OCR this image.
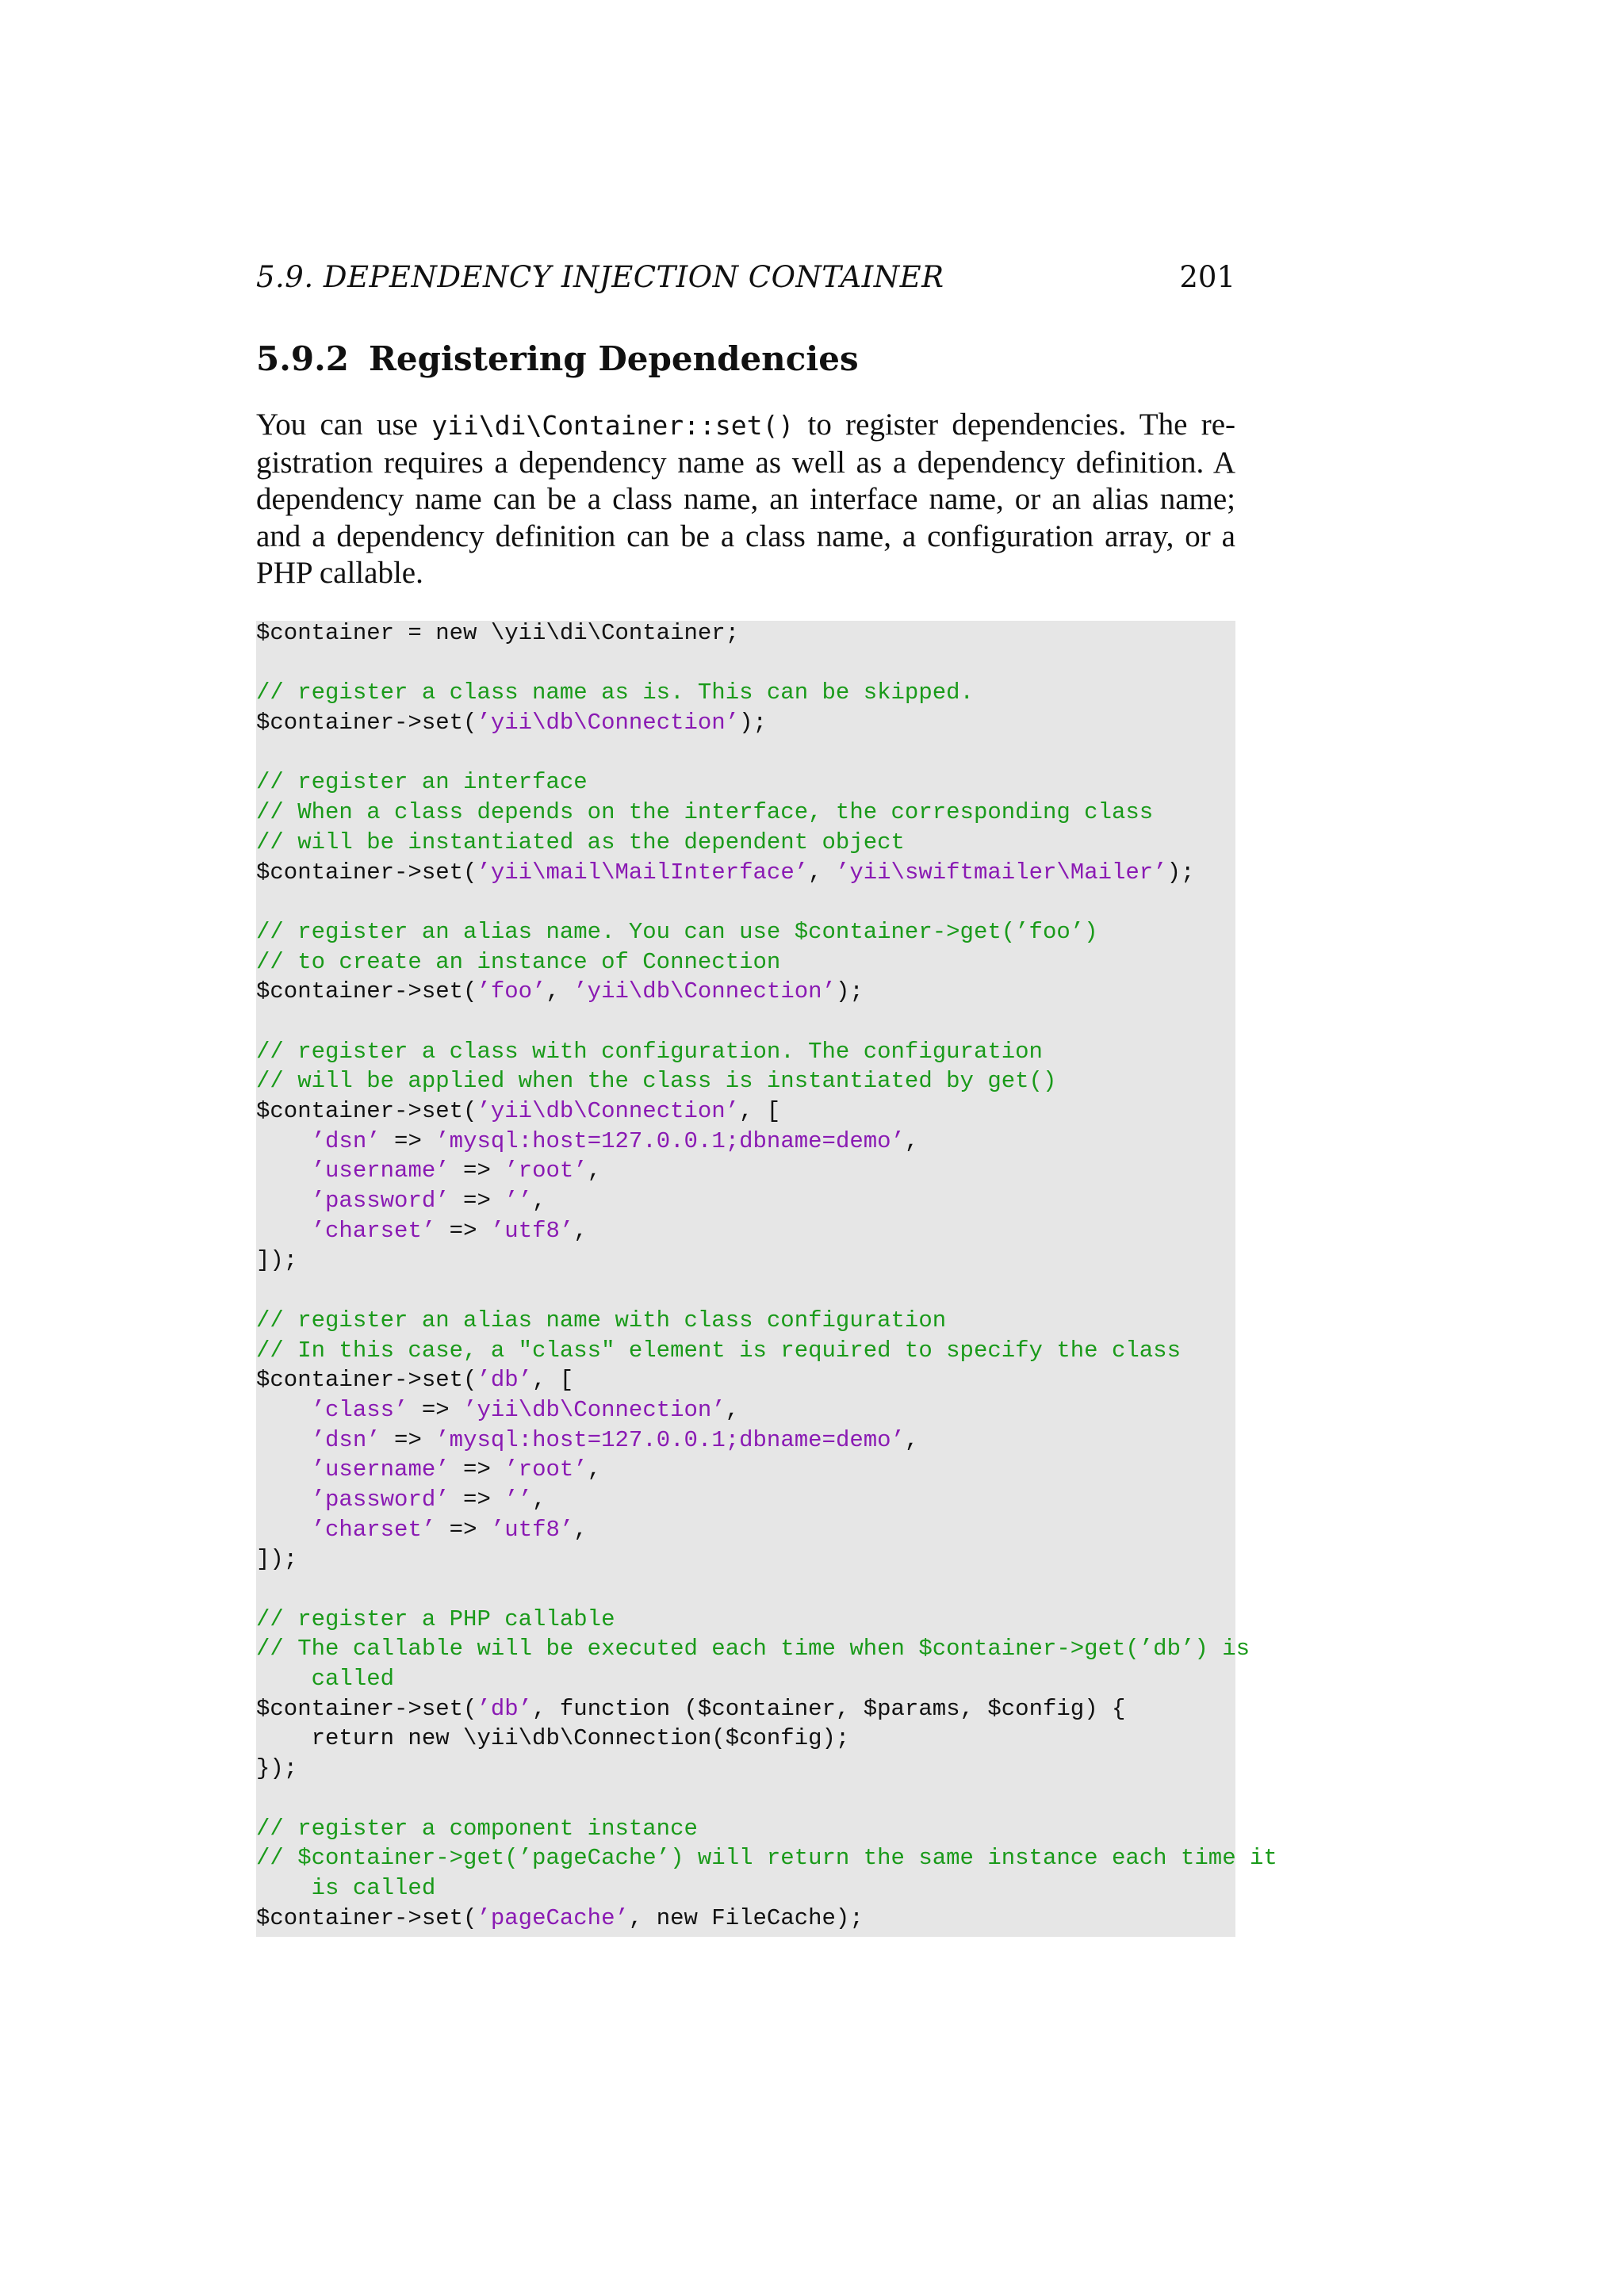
5.9. DEPENDENCY INJECTION CONTAINER	201
5.9.2 Registering Dependencies
You can use yii\di\Container::set() to register dependencies. The re-
gistration requires a dependency name as well as a dependency definition. A
dependency name can be a class name, an interface name, or an alias name;
and a dependency definition can be a class name, a configuration array, or a
PHP callable.
$container = new \yii\di\Container;
// register a class name as is. This can be skipped.
$container->set(’yii\db\Connection’);
// register an interface
// When a class depends on the interface, the corresponding class
// will be instantiated as the dependent object
$container->set(’yii\mail\MailInterface’, ’yii\swiftmailer\Mailer’);
// register an alias name. You can use $container->get(’foo’)
// to create an instance of Connection
$container->set(’foo’, ’yii\db\Connection’);
// register a class with configuration. The configuration
// will be applied when the class is instantiated by get()
$container->set(’yii\db\Connection’, [
’dsn’ => ’mysql:host=127.0.0.1;dbname=demo’,
’username’ => ’root’,
’password’ => ’’,
’charset’ => ’utf8’,
]);
// register an alias name with class configuration
// In this case, a "class" element is required to specify the class
$container->set(’db’, [
’class’ => ’yii\db\Connection’,
’dsn’ => ’mysql:host=127.0.0.1;dbname=demo’,
’username’ => ’root’,
’password’ => ’’,
’charset’ => ’utf8’,
]);
// register a PHP callable
// The callable will be executed each time when $container->get(’db’) is
called
$container->set(’db’, function ($container, $params, $config) {
return new \yii\db\Connection($config);
});
// register a component instance
// $container->get(’pageCache’) will return the same instance each time it
is called
$container->set(’pageCache’, new FileCache);
